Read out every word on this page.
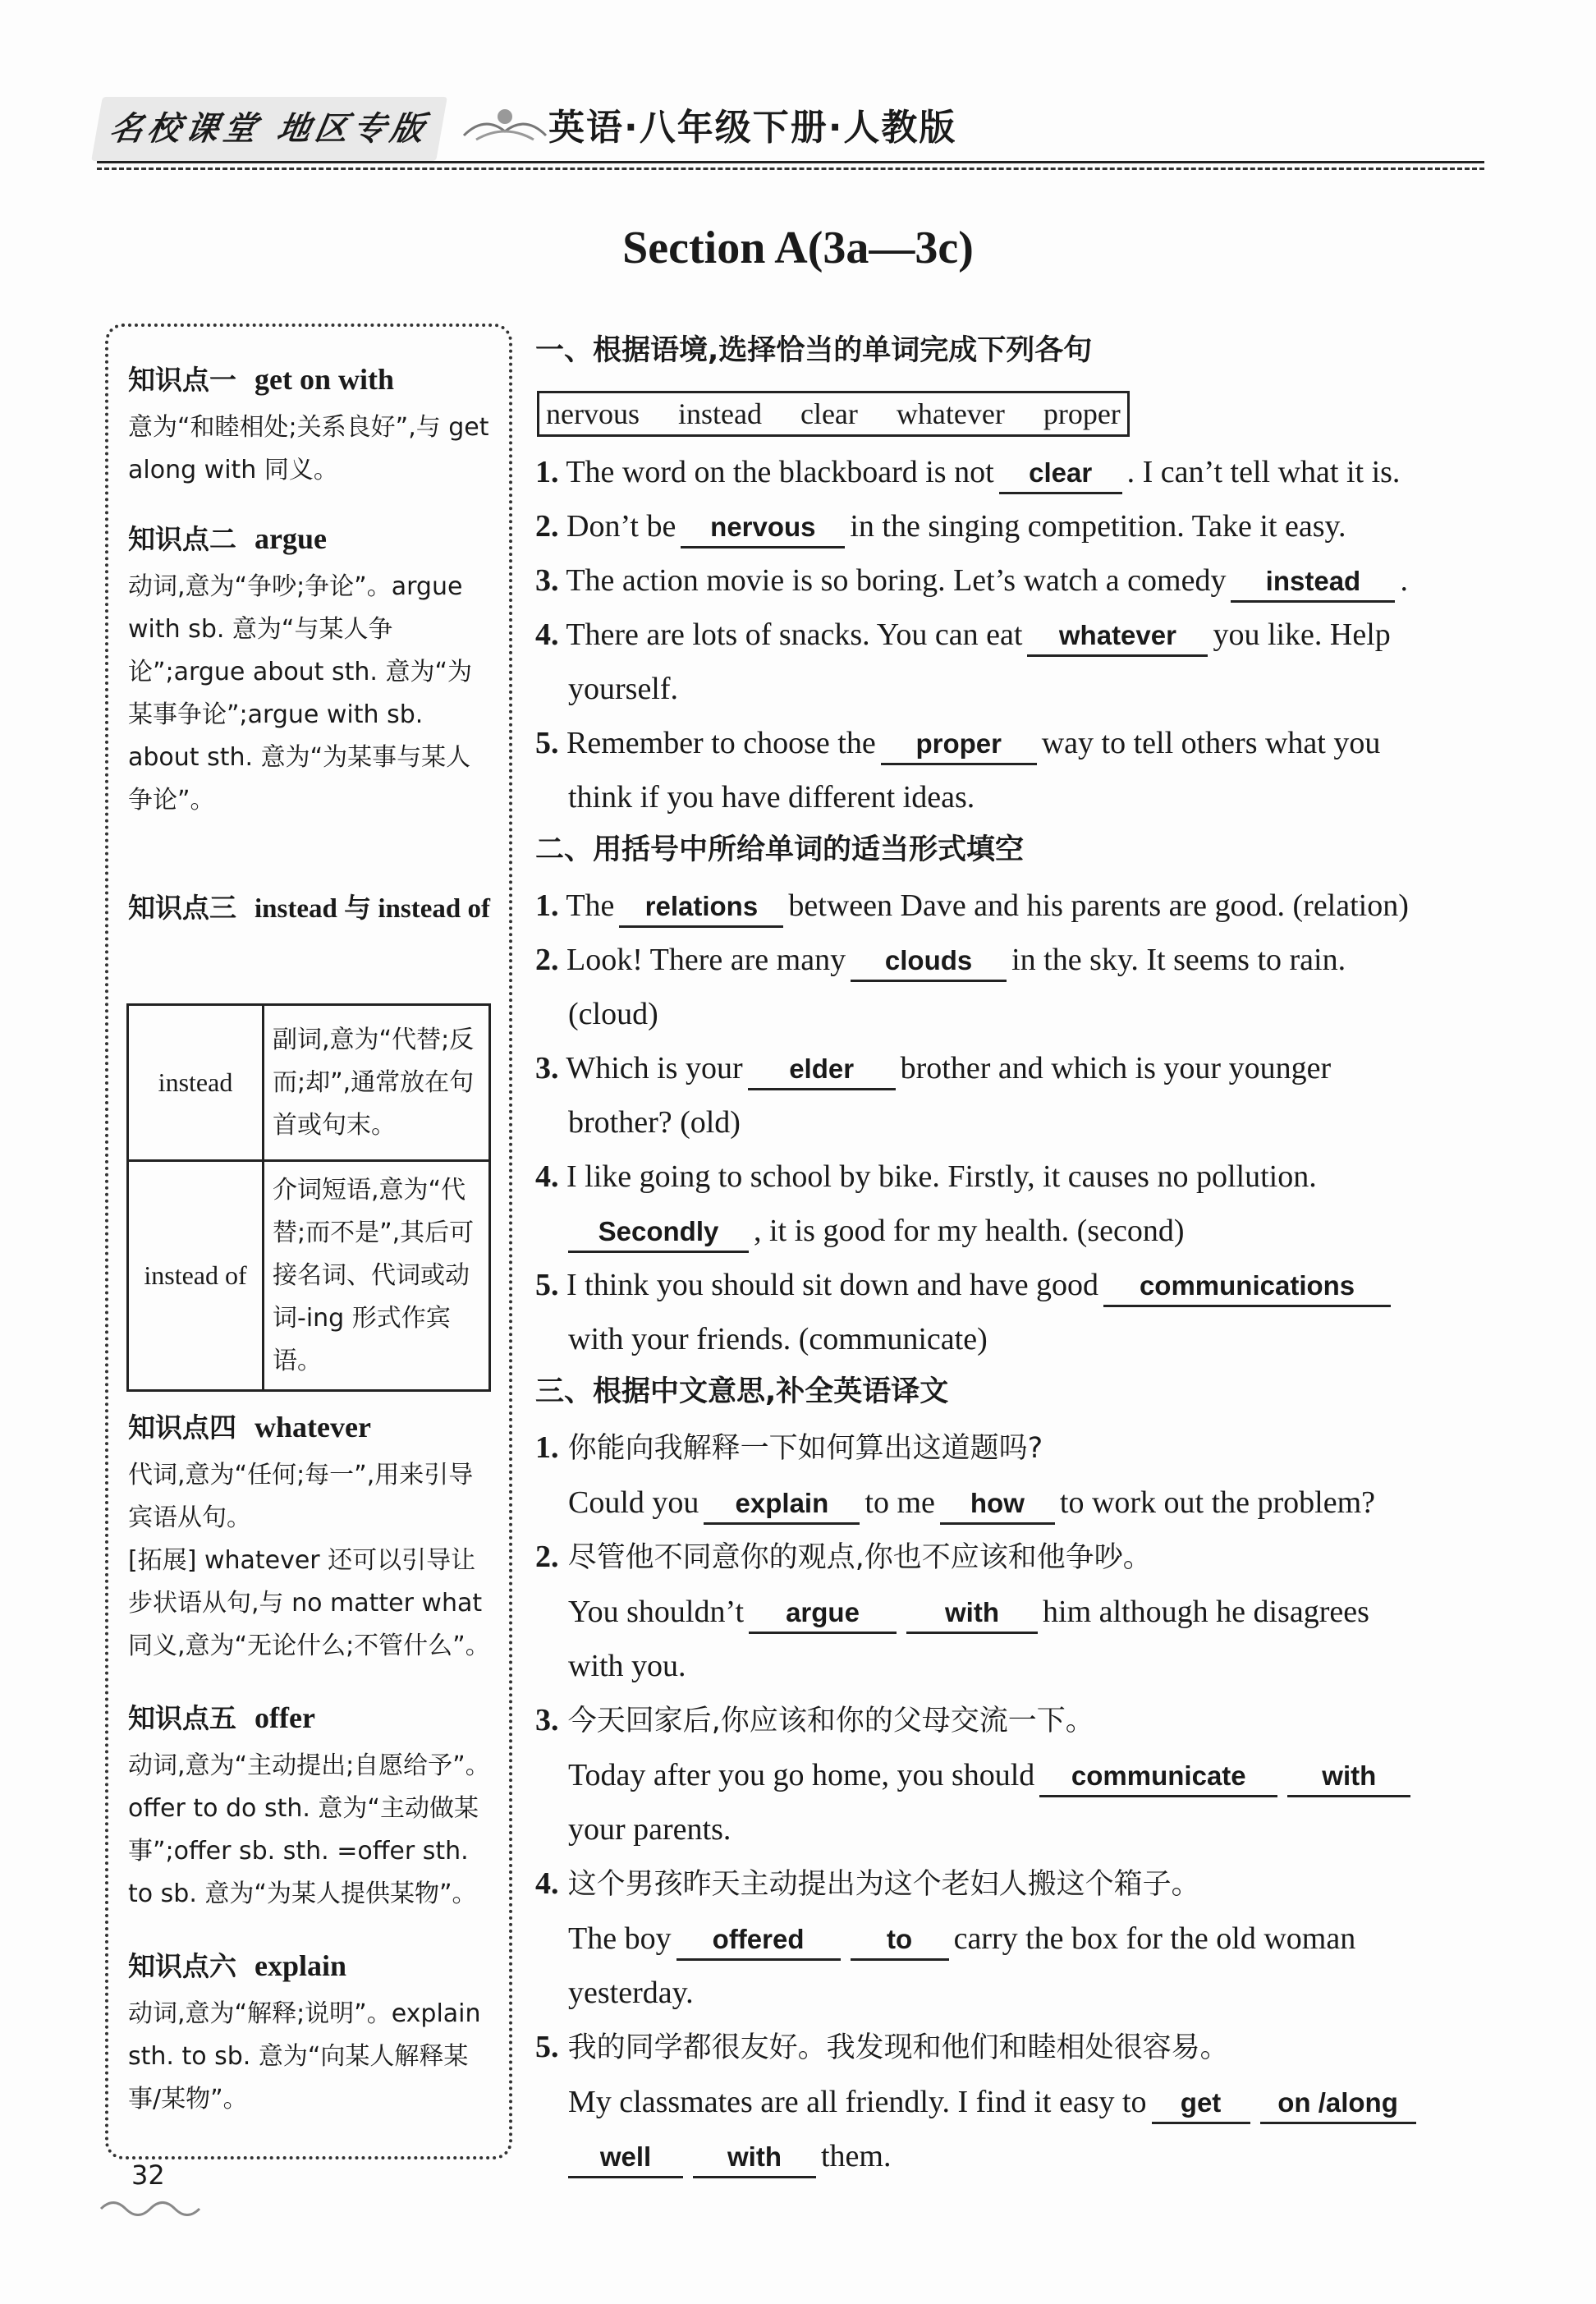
名校课堂 地区专版	英语·八年级下册·人教版
Section A(3a—3c)
知识点一 get on with
意为“和睦相处;关系良好”,与 get along with 同义。
知识点二 argue
动词,意为“争吵;争论”。argue with sb. 意为“与某人争论”;argue about sth. 意为“为某事争论”;argue with sb. about sth. 意为“为某事与某人争论”。
知识点三 instead 与 instead of
instead	副词,意为“代替;反而;却”,通常放在句首或句末。
instead of	介词短语,意为“代替;而不是”,其后可接名词、代词或动词-ing 形式作宾语。
知识点四 whatever
代词,意为“任何;每一”,用来引导宾语从句。
[拓展] whatever 还可以引导让步状语从句,与 no matter what 同义,意为“无论什么;不管什么”。
知识点五 offer
动词,意为“主动提出;自愿给予”。offer to do sth. 意为“主动做某事”;offer sb. sth. =offer sth. to sb. 意为“为某人提供某物”。
知识点六 explain
动词,意为“解释;说明”。explain sth. to sb. 意为“向某人解释某事/某物”。
一、根据语境,选择恰当的单词完成下列各句
nervous instead clear whatever proper
1. The word on the blackboard is not clear . I can’t tell what it is.
2. Don’t be nervous in the singing competition. Take it easy.
3. The action movie is so boring. Let’s watch a comedy instead .
4. There are lots of snacks. You can eat whatever you like. Help
yourself.
5. Remember to choose the proper way to tell others what you
think if you have different ideas.
二、用括号中所给单词的适当形式填空
1. The relations between Dave and his parents are good. (relation)
2. Look! There are many clouds in the sky. It seems to rain.
(cloud)
3. Which is your elder brother and which is your younger
brother? (old)
4. I like going to school by bike. Firstly, it causes no pollution.
Secondly , it is good for my health. (second)
5. I think you should sit down and have good communications
with your friends. (communicate)
三、根据中文意思,补全英语译文
1. 你能向我解释一下如何算出这道题吗?
Could you explain to me how to work out the problem?
2. 尽管他不同意你的观点,你也不应该和他争吵。
You shouldn’t argue	with him although he disagrees
with you.
3. 今天回家后,你应该和你的父母交流一下。
Today after you go home, you should communicate	with
your parents.
4. 这个男孩昨天主动提出为这个老妇人搬这个箱子。
The boy offered	to carry the box for the old woman
yesterday.
5. 我的同学都很友好。我发现和他们和睦相处很容易。
My classmates are all friendly. I find it easy to get on /along
well	with them.
32
